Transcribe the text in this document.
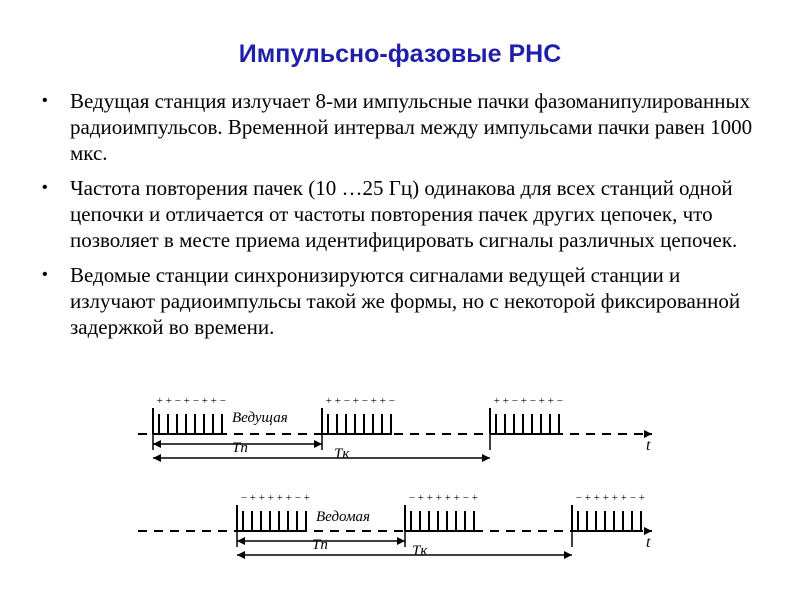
Импульсно-фазовые РНС
• Ведущая станция излучает 8-ми импульсные пачки фазоманипулированных радиоимпульсов. Временной интервал между импульсами пачки равен 1000 мкс.
• Частота повторения пачек (10 …25 Гц) одинакова для всех станций одной цепочки и отличается от частоты повторения пачек других цепочек, что позволяет в месте приема идентифицировать сигналы различных цепочек.
• Ведомые станции синхронизируются сигналами ведущей станции и излучают радиоимпульсы такой же формы, но с некоторой фиксированной задержкой во времени.
+ + − + − + + −	+ + − + − + + −	+ + − + − + + −
− + + + + + − +	− + + + + + − +	− + + + + + − +
Ведущая
t
Tп	Tк
Ведомая
t
Tп	Tк
